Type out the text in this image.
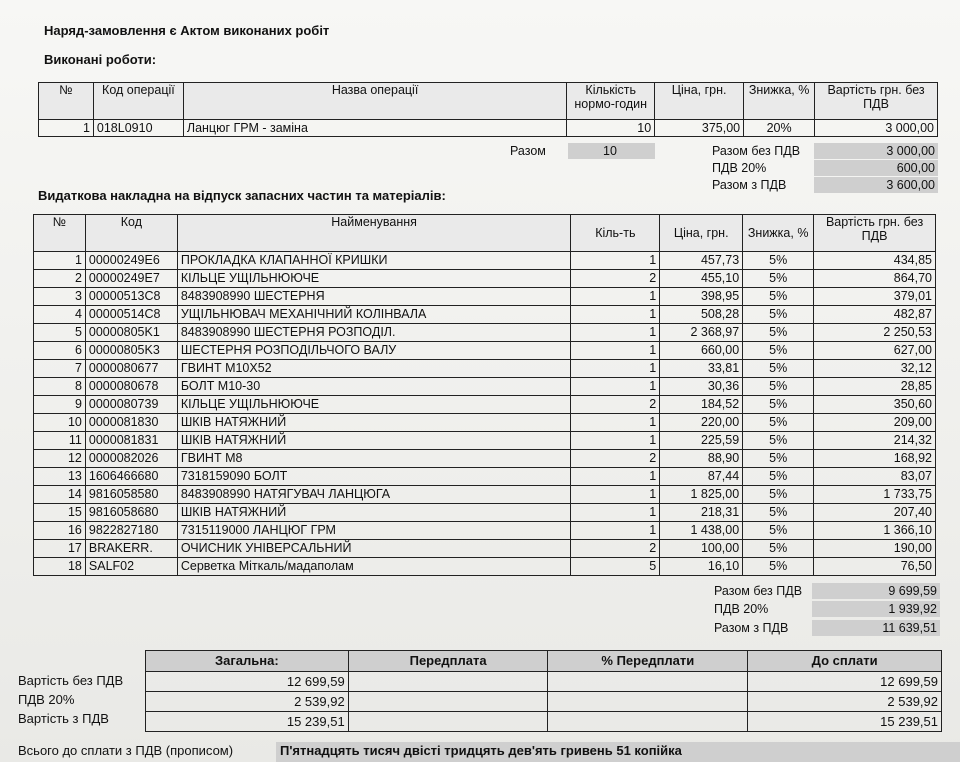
Наряд-замовлення є Актом виконаних робіт
Виконані роботи:
№	Код операції	Назва операції	Кількість нормо-годин	Ціна, грн.	Знижка, %	Вартість грн. без ПДВ
1	018L0910	Ланцюг ГРМ - заміна	10	375,00	20%	3 000,00
Разом	10	Разом без ПДВ	3 000,00
ПДВ 20%	600,00
Разом з ПДВ	3 600,00
Видаткова накладна на відпуск запасних частин та матеріалів:
№	Код	Найменування	Кіль-ть	Ціна, грн.	Знижка, %	Вартість грн. без ПДВ
1	00000249E6	ПРОКЛАДКА КЛАПАННОЇ КРИШКИ	1	457,73	5%	434,85
2	00000249E7	КІЛЬЦЕ УЩІЛЬНЮЮЧЕ	2	455,10	5%	864,70
3	00000513C8	8483908990 ШЕСТЕРНЯ	1	398,95	5%	379,01
4	00000514C8	УЩІЛЬНЮВАЧ МЕХАНІЧНИЙ КОЛІНВАЛА	1	508,28	5%	482,87
5	00000805K1	8483908990 ШЕСТЕРНЯ РОЗПОДІЛ.	1	2 368,97	5%	2 250,53
6	00000805K3	ШЕСТЕРНЯ РОЗПОДІЛЬЧОГО ВАЛУ	1	660,00	5%	627,00
7	0000080677	ГВИНТ М10Х52	1	33,81	5%	32,12
8	0000080678	БОЛТ М10-30	1	30,36	5%	28,85
9	0000080739	КІЛЬЦЕ УЩІЛЬНЮЮЧЕ	2	184,52	5%	350,60
10	0000081830	ШКІВ НАТЯЖНИЙ	1	220,00	5%	209,00
11	0000081831	ШКІВ НАТЯЖНИЙ	1	225,59	5%	214,32
12	0000082026	ГВИНТ М8	2	88,90	5%	168,92
13	1606466680	7318159090 БОЛТ	1	87,44	5%	83,07
14	9816058580	8483908990 НАТЯГУВАЧ ЛАНЦЮГА	1	1 825,00	5%	1 733,75
15	9816058680	ШКІВ НАТЯЖНИЙ	1	218,31	5%	207,40
16	9822827180	7315119000 ЛАНЦЮГ ГРМ	1	1 438,00	5%	1 366,10
17	BRAKERR.	ОЧИСНИК УНІВЕРСАЛЬНИЙ	2	100,00	5%	190,00
18	SALF02	Серветка Міткаль/мадаполам	5	16,10	5%	76,50
Разом без ПДВ	9 699,59
ПДВ 20%	1 939,92
Разом з ПДВ	11 639,51
Вартість без ПДВ
ПДВ 20%
Вартість з ПДВ
Загальна:	Передплата	% Передплати	До сплати
12 699,59			12 699,59
2 539,92			2 539,92
15 239,51			15 239,51
Всього до сплати з ПДВ (прописом)	П'ятнадцять тисяч двісті тридцять дев'ять гривень 51 копійка
